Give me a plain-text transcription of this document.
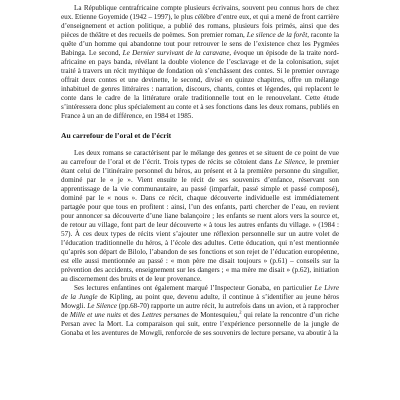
La République centrafricaine compte plusieurs écrivains, souvent peu connus hors de chez eux. Etienne Goyemide (1942 – 1997), le plus célèbre d’entre eux, et qui a mené de front carrière d’enseignement et action politique, a publié des romans, plusieurs fois primés, ainsi que des pièces de théâtre et des recueils de poèmes. Son premier roman, Le silence de la forêt, raconte la quête d’un homme qui abandonne tout pour retrouver le sens de l’existence chez les Pygmées Babinga. Le second, Le Dernier survivant de la caravane, évoque un épisode de la traite nord-africaine en pays banda, révélant la double violence de l’esclavage et de la colonisation, sujet traité à travers un récit mythique de fondation où s’enchâssent des contes. Si le premier ouvrage offrait deux contes et une devinette, le second, divisé en quinze chapitres, offre un mélange inhabituel de genres littéraires : narration, discours, chants, contes et légendes, qui replacent le conte dans le cadre de la littérature orale traditionnelle tout en le renouvelant. Cette étude s’intéressera donc plus spécialement au conte et à ses fonctions dans les deux romans, publiés en France à un an de différence, en 1984 et 1985.

Au carrefour de l’oral et de l’écrit

Les deux romans se caractérisent par le mélange des genres et se situent de ce point de vue au carrefour de l’oral et de l’écrit. Trois types de récits se côtoient dans Le Silence, le premier étant celui de l’itinéraire personnel du héros, au présent et à la première personne du singulier, dominé par le « je ». Vient ensuite le récit de ses souvenirs d’enfance, réservant son apprentissage de la vie communautaire, au passé (imparfait, passé simple et passé composé), dominé par le « nous ». Dans ce récit, chaque découverte individuelle est immédiatement partagée pour que tous en profitent : ainsi, l’un des enfants, parti chercher de l’eau, en revient pour annoncer sa découverte d’une liane balançoire ; les enfants se ruent alors vers la source et, de retour au village, font part de leur découverte « à tous les autres enfants du village. » (1984 : 57). À ces deux types de récits vient s’ajouter une réflexion personnelle sur un autre volet de l’éducation traditionnelle du héros, à l’école des adultes. Cette éducation, qui n’est mentionnée qu’après son départ de Bilolo, l’abandon de ses fonctions et son rejet de l’éducation européenne, est elle aussi mentionnée au passé : « mon père me disait toujours » (p.61) – conseils sur la prévention des accidents, enseignement sur les dangers ; « ma mère me disait » (p.62), initiation au discernement des bruits et de leur provenance.

Ses lectures enfantines ont également marqué l’Inspecteur Gonaba, en particulier Le Livre de la Jungle de Kipling, au point que, devenu adulte, il continue à s’identifier au jeune héros Mowgli. Le Silence (pp.68-70) rapporte un autre récit, lu autrefois dans un avion, et à rapprocher de Mille et une nuits et des Lettres persanes de Montesquieu,$^2$ qui relate la rencontre d’un riche Persan avec la Mort. La comparaison qui suit, entre l’expérience personnelle de la jungle de Gonaba et les aventures de Mowgli, renforcée de ses souvenirs de lecture persane, va aboutir à la
